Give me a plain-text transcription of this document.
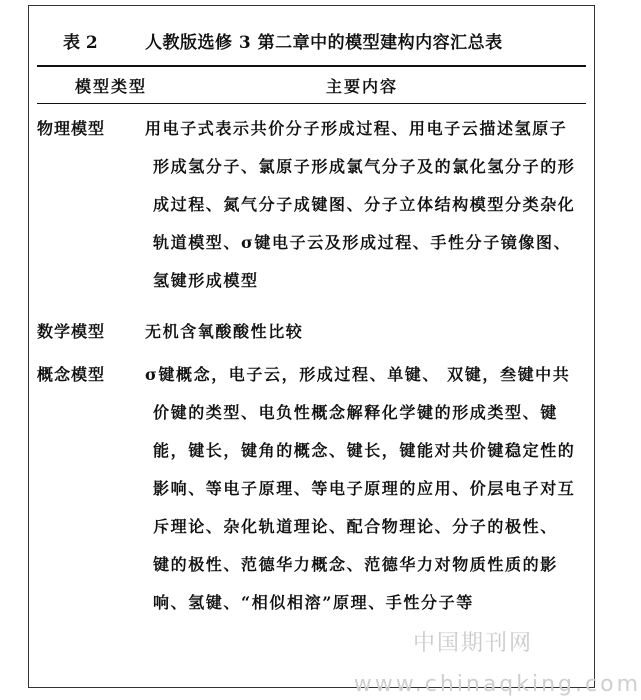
表 2	人教版选修 3 第二章中的模型建构内容汇总表
模型类型	主要内容
物理模型 用电子式表示共价分子形成过程、用电子云描述氢原子形成氢分子、氯原子形成氯气分子及的氯化氢分子的形成过程、氮气分子成键图、分子立体结构模型分类杂化轨道模型、σ键电子云及形成过程、手性分子镜像图、氢键形成模型
数学模型 无机含氧酸酸性比较
概念模型 σ键概念，电子云，形成过程、单键、 双键，叁键中共价键的类型、电负性概念解释化学键的形成类型、键能，键长，键角的概念、键长，键能对共价键稳定性的影响、等电子原理、等电子原理的应用、价层电子对互斥理论、杂化轨道理论、配合物理论、分子的极性、 键的极性、范德华力概念、范德华力对物质性质的影响、氢键、“相似相溶”原理、手性分子等
中国期刊网
www.chinaqking.com
